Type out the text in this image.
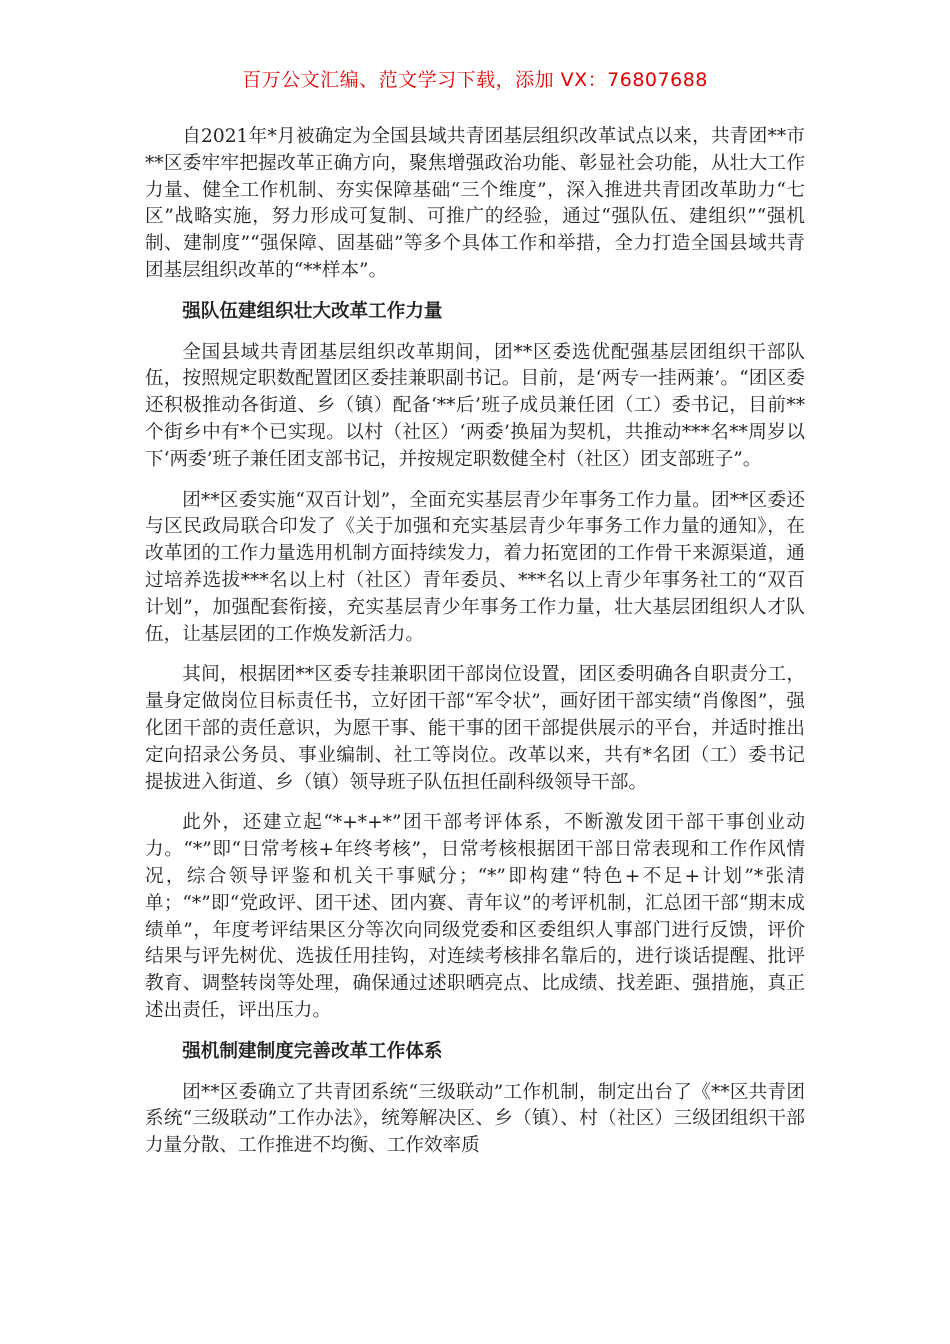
百万公文汇编、范文学习下载，添加 VX：76807688

自2021年*月被确定为全国县域共青团基层组织改革试点以来，共青团**市**区委牢牢把握改革正确方向，聚焦增强政治功能、彰显社会功能，从壮大工作力量、健全工作机制、夯实保障基础“三个维度”，深入推进共青团改革助力“七区”战略实施，努力形成可复制、可推广的经验，通过“强队伍、建组织”“强机制、建制度”“强保障、固基础”等多个具体工作和举措，全力打造全国县域共青团基层组织改革的“**样本”。

强队伍建组织壮大改革工作力量

全国县域共青团基层组织改革期间，团**区委选优配强基层团组织干部队伍，按照规定职数配置团区委挂兼职副书记。目前，是‘两专一挂两兼’。“团区委还积极推动各街道、乡（镇）配备‘**后’班子成员兼任团（工）委书记，目前**个街乡中有*个已实现。以村（社区）‘两委’换届为契机，共推动***名**周岁以下‘两委’班子兼任团支部书记，并按规定职数健全村（社区）团支部班子”。

团**区委实施“双百计划”，全面充实基层青少年事务工作力量。团**区委还与区民政局联合印发了《关于加强和充实基层青少年事务工作力量的通知》，在改革团的工作力量选用机制方面持续发力，着力拓宽团的工作骨干来源渠道，通过培养选拔***名以上村（社区）青年委员、***名以上青少年事务社工的“双百计划”，加强配套衔接，充实基层青少年事务工作力量，壮大基层团组织人才队伍，让基层团的工作焕发新活力。

其间，根据团**区委专挂兼职团干部岗位设置，团区委明确各自职责分工，量身定做岗位目标责任书，立好团干部“军令状”，画好团干部实绩“肖像图”，强化团干部的责任意识，为愿干事、能干事的团干部提供展示的平台，并适时推出定向招录公务员、事业编制、社工等岗位。改革以来，共有*名团（工）委书记提拔进入街道、乡（镇）领导班子队伍担任副科级领导干部。

此外，还建立起“*+*+*”团干部考评体系，不断激发团干部干事创业动力。“*”即“日常考核+年终考核”，日常考核根据团干部日常表现和工作作风情况，综合领导评鉴和机关干事赋分；“*”即构建“特色+不足+计划”*张清单；“*”即“党政评、团干述、团内赛、青年议”的考评机制，汇总团干部“期末成绩单”，年度考评结果区分等次向同级党委和区委组织人事部门进行反馈，评价结果与评先树优、选拔任用挂钩，对连续考核排名靠后的，进行谈话提醒、批评教育、调整转岗等处理，确保通过述职晒亮点、比成绩、找差距、强措施，真正述出责任，评出压力。

强机制建制度完善改革工作体系

团**区委确立了共青团系统“三级联动”工作机制，制定出台了《**区共青团系统“三级联动”工作办法》，统筹解决区、乡（镇）、村（社区）三级团组织干部力量分散、工作推进不均衡、工作效率质
